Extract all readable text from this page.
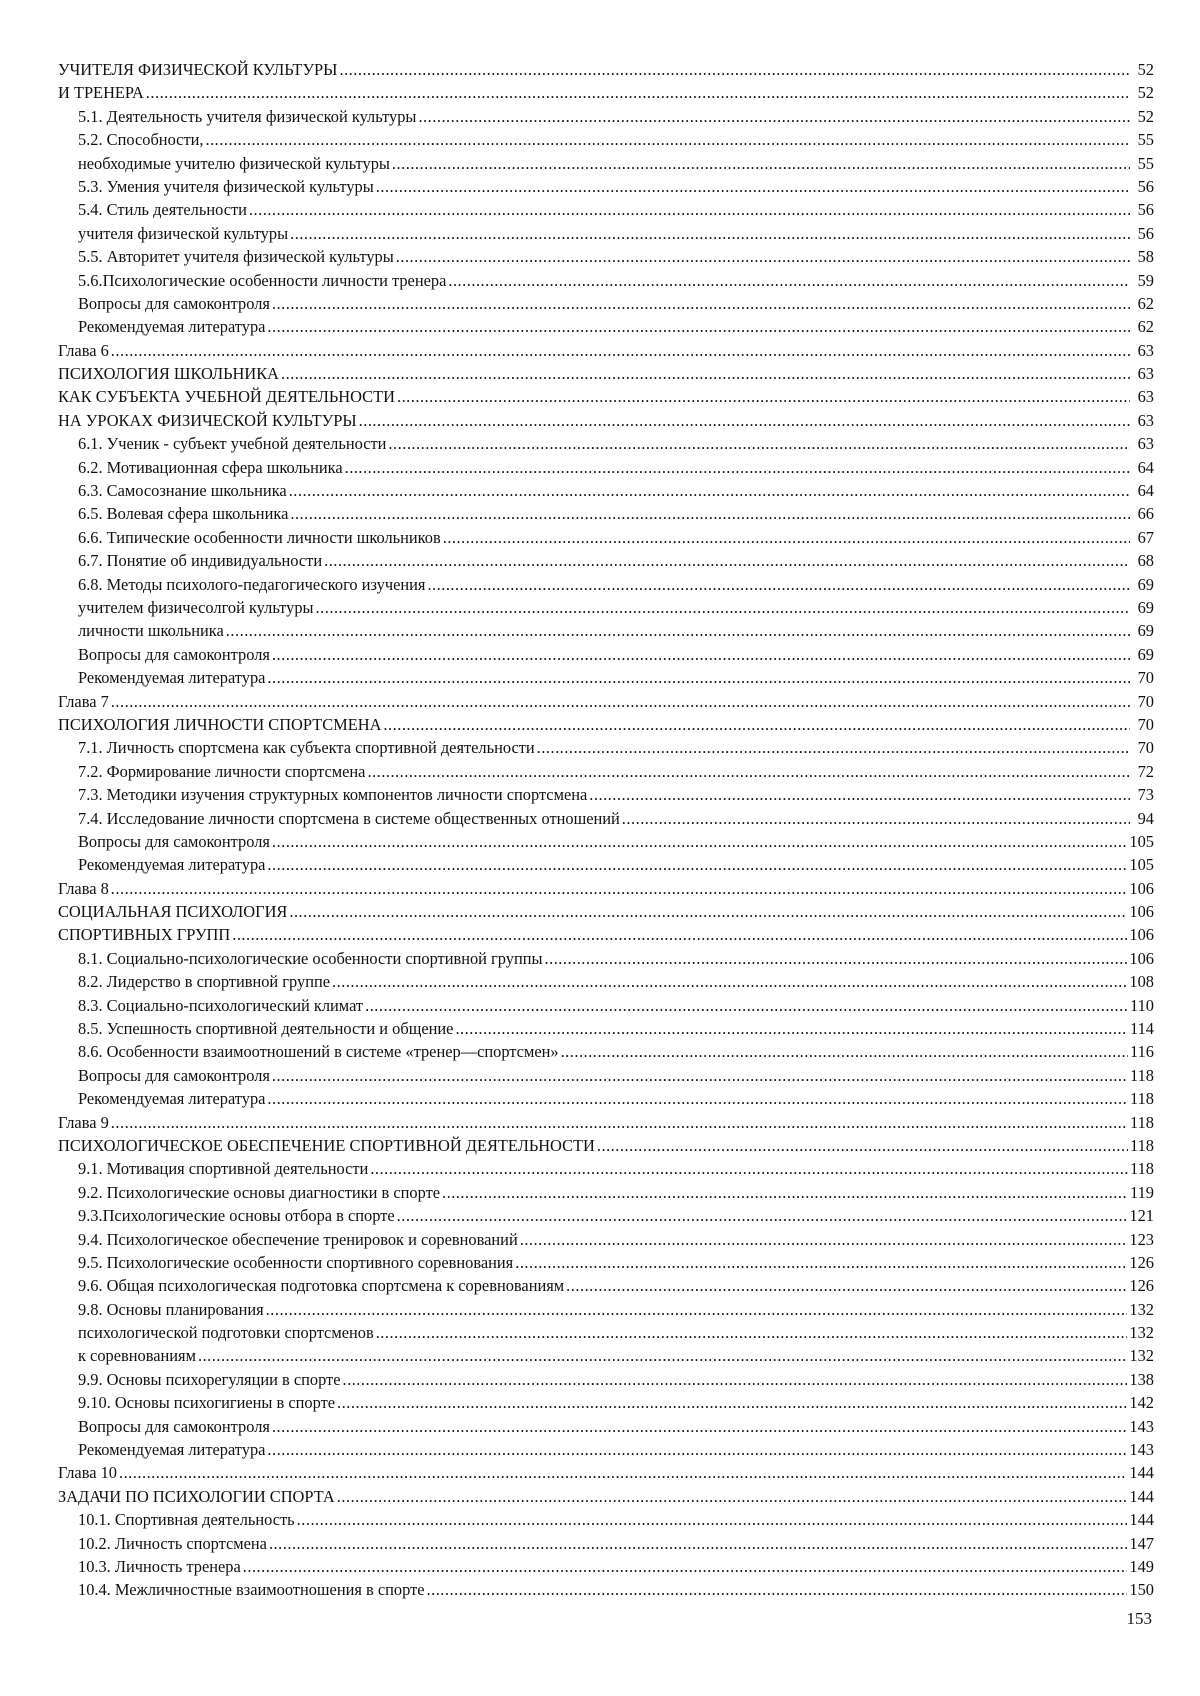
УЧИТЕЛЯ ФИЗИЧЕСКОЙ КУЛЬТУРЫ .....	52
И ТРЕНЕРА .....	52
5.1. Деятельность учителя физической культуры .....	52
5.2. Способности, .....	55
необходимые учителю физической культуры .....	55
5.3. Умения учителя физической культуры .....	56
5.4. Стиль деятельности .....	56
учителя физической культуры .....	56
5.5. Авторитет учителя физической культуры .....	58
5.6.Психологические особенности личности тренера .....	59
Вопросы для самоконтроля .....	62
Рекомендуемая литература .....	62
Глава 6 .....	63
ПСИХОЛОГИЯ ШКОЛЬНИКА .....	63
КАК СУБЪЕКТА УЧЕБНОЙ ДЕЯТЕЛЬНОСТИ .....	63
НА УРОКАХ ФИЗИЧЕСКОЙ КУЛЬТУРЫ .....	63
6.1. Ученик - субъект учебной деятельности .....	63
6.2. Мотивационная сфера школьника .....	64
6.3. Самосознание школьника .....	64
6.5. Волевая сфера школьника .....	66
6.6. Типические особенности личности школьников .....	67
6.7. Понятие об индивидуальности .....	68
6.8. Методы психолого-педагогического изучения .....	69
учителем физичесолгой культуры .....	69
личности школьника .....	69
Вопросы для самоконтроля .....	69
Рекомендуемая литература .....	70
Глава 7 .....	70
ПСИХОЛОГИЯ ЛИЧНОСТИ СПОРТСМЕНА .....	70
7.1. Личность спортсмена как субъекта спортивной деятельности .....	70
7.2. Формирование личности спортсмена .....	72
7.3. Методики изучения структурных компонентов личности спортсмена .....	73
7.4. Исследование личности спортсмена в системе общественных отношений .....	94
Вопросы для самоконтроля .....	105
Рекомендуемая литература .....	105
Глава 8 .....	106
СОЦИАЛЬНАЯ ПСИХОЛОГИЯ .....	106
СПОРТИВНЫХ ГРУПП .....	106
8.1. Социально-психологические особенности спортивной группы .....	106
8.2. Лидерство в спортивной группе .....	108
8.3. Социально-психологический климат .....	110
8.5. Успешность спортивной деятельности и общение .....	114
8.6. Особенности взаимоотношений в системе «тренер—спортсмен» .....	116
Вопросы для самоконтроля .....	118
Рекомендуемая литература .....	118
Глава 9 .....	118
ПСИХОЛОГИЧЕСКОЕ ОБЕСПЕЧЕНИЕ СПОРТИВНОЙ ДЕЯТЕЛЬНОСТИ .....	118
9.1. Мотивация спортивной деятельности .....	118
9.2. Психологические основы диагностики в спорте .....	119
9.3.Психологические основы отбора в спорте .....	121
9.4. Психологическое обеспечение тренировок и соревнований .....	123
9.5. Психологические особенности спортивного соревнования .....	126
9.6. Общая психологическая подготовка спортсмена к соревнованиям .....	126
9.8. Основы планирования .....	132
психологической подготовки спортсменов .....	132
к соревнованиям .....	132
9.9. Основы психорегуляции в спорте .....	138
9.10. Основы психогигиены в спорте .....	142
Вопросы для самоконтроля .....	143
Рекомендуемая литература .....	143
Глава 10 .....	144
ЗАДАЧИ ПО ПСИХОЛОГИИ СПОРТА .....	144
10.1. Спортивная деятельность .....	144
10.2. Личность спортсмена .....	147
10.3. Личность тренера .....	149
10.4. Межличностные взаимоотношения в спорте .....	150
153
